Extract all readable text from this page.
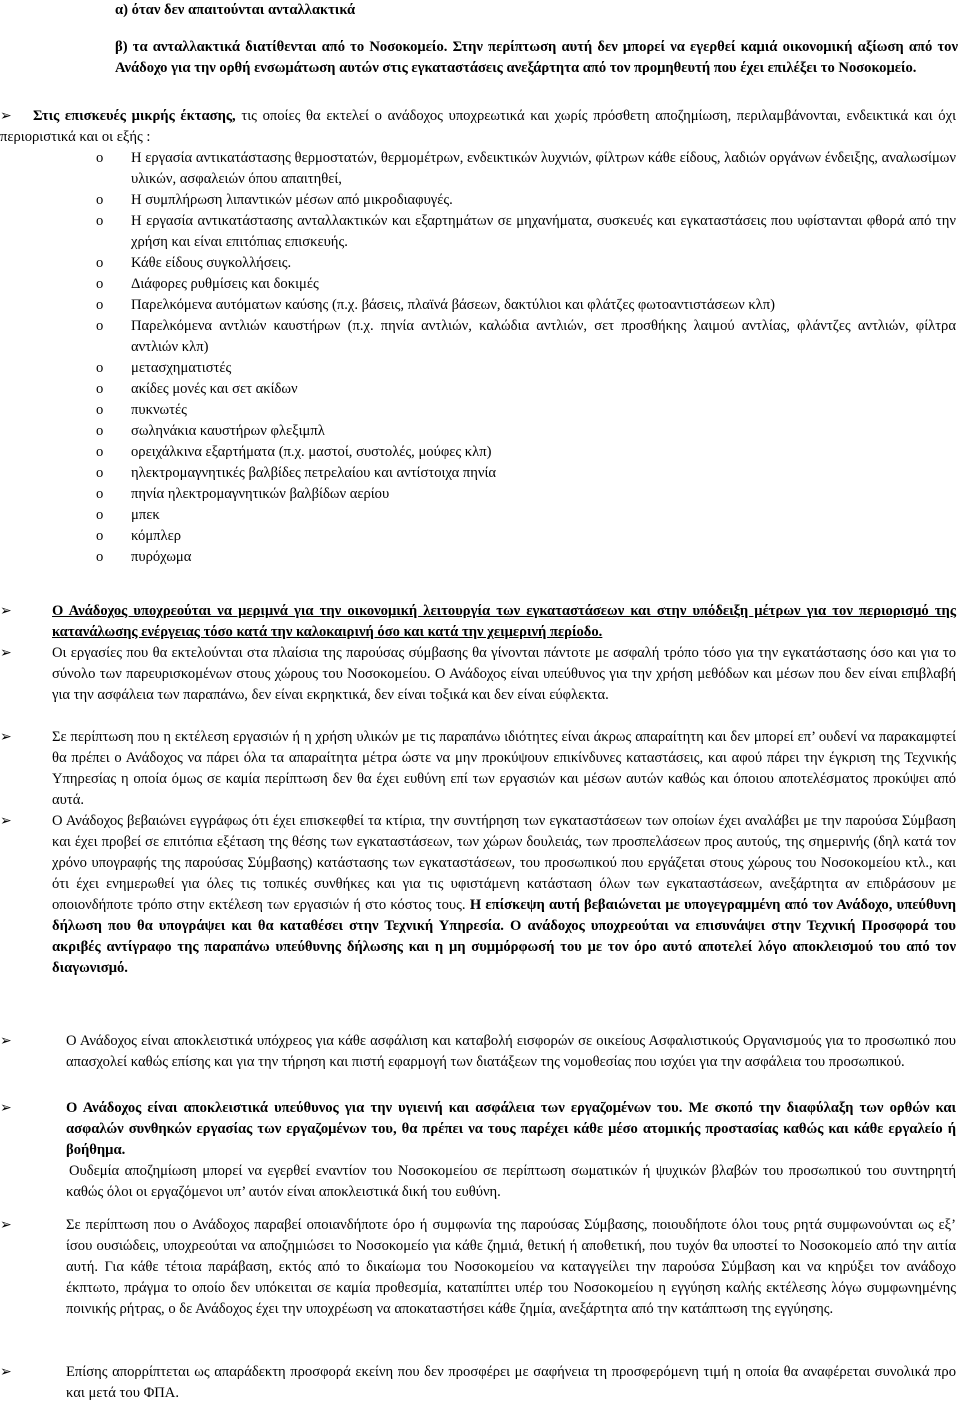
α) όταν δεν απαιτούνται ανταλλακτικά
β) τα ανταλλακτικά διατίθενται από το Νοσοκομείο. Στην περίπτωση αυτή δεν μπορεί να εγερθεί καμιά οικονομική αξίωση από τον Ανάδοχο για την ορθή ενσωμάτωση αυτών στις εγκαταστάσεις ανεξάρτητα από τον προμηθευτή που έχει επιλέξει το Νοσοκομείο.
➢	Στις επισκευές μικρής έκτασης, τις οποίες θα εκτελεί ο ανάδοχος υποχρεωτικά και χωρίς πρόσθετη αποζημίωση, περιλαμβάνονται, ενδεικτικά και όχι περιοριστικά και οι εξής :
o Η εργασία αντικατάστασης θερμοστατών, θερμομέτρων, ενδεικτικών λυχνιών, φίλτρων κάθε είδους, λαδιών οργάνων ένδειξης, αναλωσίμων υλικών, ασφαλειών όπου απαιτηθεί,
o Η συμπλήρωση λιπαντικών μέσων από μικροδιαφυγές.
o Η εργασία αντικατάστασης ανταλλακτικών και εξαρτημάτων σε μηχανήματα, συσκευές και εγκαταστάσεις που υφίστανται φθορά από την χρήση και είναι επιτόπιας επισκευής.
o Κάθε είδους συγκολλήσεις.
o Διάφορες ρυθμίσεις και δοκιμές
o Παρελκόμενα αυτόματων καύσης (π.χ. βάσεις, πλαϊνά βάσεων, δακτύλιοι και φλάτζες φωτοαντιστάσεων κλπ)
o Παρελκόμενα αντλιών καυστήρων (π.χ. πηνία αντλιών, καλώδια αντλιών, σετ προσθήκης λαιμού αντλίας, φλάντζες αντλιών, φίλτρα αντλιών κλπ)
o μετασχηματιστές
o ακίδες μονές και σετ ακίδων
o πυκνωτές
o σωληνάκια καυστήρων φλεξιμπλ
o ορειχάλκινα εξαρτήματα (π.χ. μαστοί, συστολές, μούφες κλπ)
o ηλεκτρομαγνητικές βαλβίδες πετρελαίου και αντίστοιχα πηνία
o πηνία ηλεκτρομαγνητικών βαλβίδων αερίου
o μπεκ
o κόμπλερ
o πυρόχωμα
➢	Ο Ανάδοχος υποχρεούται να μεριμνά για την οικονομική λειτουργία των εγκαταστάσεων και στην υπόδειξη μέτρων για τον περιορισμό της κατανάλωσης ενέργειας τόσο κατά την καλοκαιρινή όσο και κατά την χειμερινή περίοδο.
➢	Οι εργασίες που θα εκτελούνται στα πλαίσια της παρούσας σύμβασης θα γίνονται πάντοτε με ασφαλή τρόπο τόσο για την εγκατάστασης όσο και για το σύνολο των παρευρισκομένων στους χώρους του Νοσοκομείου. Ο Ανάδοχος είναι υπεύθυνος για την χρήση μεθόδων και μέσων που δεν είναι επιβλαβή για την ασφάλεια των παραπάνω, δεν είναι εκρηκτικά, δεν είναι τοξικά και δεν είναι εύφλεκτα.
➢	Σε περίπτωση που η εκτέλεση εργασιών ή η χρήση υλικών με τις παραπάνω ιδιότητες είναι άκρως απαραίτητη και δεν μπορεί επ’ ουδενί να παρακαμφτεί θα πρέπει ο Ανάδοχος να πάρει όλα τα απαραίτητα μέτρα ώστε να μην προκύψουν επικίνδυνες καταστάσεις, και αφού πάρει την έγκριση της Τεχνικής Υπηρεσίας η οποία όμως σε καμία περίπτωση δεν θα έχει ευθύνη επί των εργασιών και μέσων αυτών καθώς και όποιου αποτελέσματος προκύψει από αυτά.
➢	Ο Ανάδοχος βεβαιώνει εγγράφως ότι έχει επισκεφθεί τα κτίρια, την συντήρηση των εγκαταστάσεων των οποίων έχει αναλάβει με την παρούσα Σύμβαση και έχει προβεί σε επιτόπια εξέταση της θέσης των εγκαταστάσεων, των χώρων δουλειάς, των προσπελάσεων προς αυτούς, της σημερινής (δηλ κατά τον χρόνο υπογραφής της παρούσας Σύμβασης) κατάστασης των εγκαταστάσεων, του προσωπικού που εργάζεται στους χώρους του Νοσοκομείου κτλ., και ότι έχει ενημερωθεί για όλες τις τοπικές συνθήκες και για τις υφιστάμενη κατάσταση όλων των εγκαταστάσεων, ανεξάρτητα αν επιδράσουν με οποιονδήποτε τρόπο στην εκτέλεση των εργασιών ή στο κόστος τους. Η επίσκεψη αυτή βεβαιώνεται με υπογεγραμμένη από τον Ανάδοχο, υπεύθυνη δήλωση που θα υπογράψει και θα καταθέσει στην Τεχνική Υπηρεσία. Ο ανάδοχος υποχρεούται να επισυνάψει στην Τεχνική Προσφορά του ακριβές αντίγραφο της παραπάνω υπεύθυνης δήλωσης και η μη συμμόρφωσή του με τον όρο αυτό αποτελεί λόγο αποκλεισμού του από τον διαγωνισμό.
➢	Ο Ανάδοχος είναι αποκλειστικά υπόχρεος για κάθε ασφάλιση και καταβολή εισφορών σε οικείους Ασφαλιστικούς Οργανισμούς για το προσωπικό που απασχολεί καθώς επίσης και για την τήρηση και πιστή εφαρμογή των διατάξεων της νομοθεσίας που ισχύει για την ασφάλεια του προσωπικού.
➢	Ο Ανάδοχος είναι αποκλειστικά υπεύθυνος για την υγιεινή και ασφάλεια των εργαζομένων του. Με σκοπό την διαφύλαξη των ορθών και ασφαλών συνθηκών εργασίας των εργαζομένων του, θα πρέπει να τους παρέχει κάθε μέσο ατομικής προστασίας καθώς και κάθε εργαλείο ή βοήθημα.
Ουδεμία αποζημίωση μπορεί να εγερθεί εναντίον του Νοσοκομείου σε περίπτωση σωματικών ή ψυχικών βλαβών του προσωπικού του συντηρητή καθώς όλοι οι εργαζόμενοι υπ’ αυτόν είναι αποκλειστικά δική του ευθύνη.
➢	Σε περίπτωση που ο Ανάδοχος παραβεί οποιανδήποτε όρο ή συμφωνία της παρούσας Σύμβασης, ποιουδήποτε όλοι τους ρητά συμφωνούνται ως εξ’ ίσου ουσιώδεις, υποχρεούται να αποζημιώσει το Νοσοκομείο για κάθε ζημιά, θετική ή αποθετική, που τυχόν θα υποστεί το Νοσοκομείο από την αιτία αυτή. Για κάθε τέτοια παράβαση, εκτός από το δικαίωμα του Νοσοκομείου να καταγγείλει την παρούσα Σύμβαση και να κηρύξει τον ανάδοχο έκπτωτο, πράγμα το οποίο δεν υπόκειται σε καμία προθεσμία, καταπίπτει υπέρ του Νοσοκομείου η εγγύηση καλής εκτέλεσης λόγω συμφωνημένης ποινικής ρήτρας, ο δε Ανάδοχος έχει την υποχρέωση να αποκαταστήσει κάθε ζημία, ανεξάρτητα από την κατάπτωση της εγγύησης.
➢	Επίσης απορρίπτεται ως απαράδεκτη προσφορά εκείνη που δεν προσφέρει με σαφήνεια τη προσφερόμενη τιμή η οποία θα αναφέρεται συνολικά προ και μετά του ΦΠΑ.
